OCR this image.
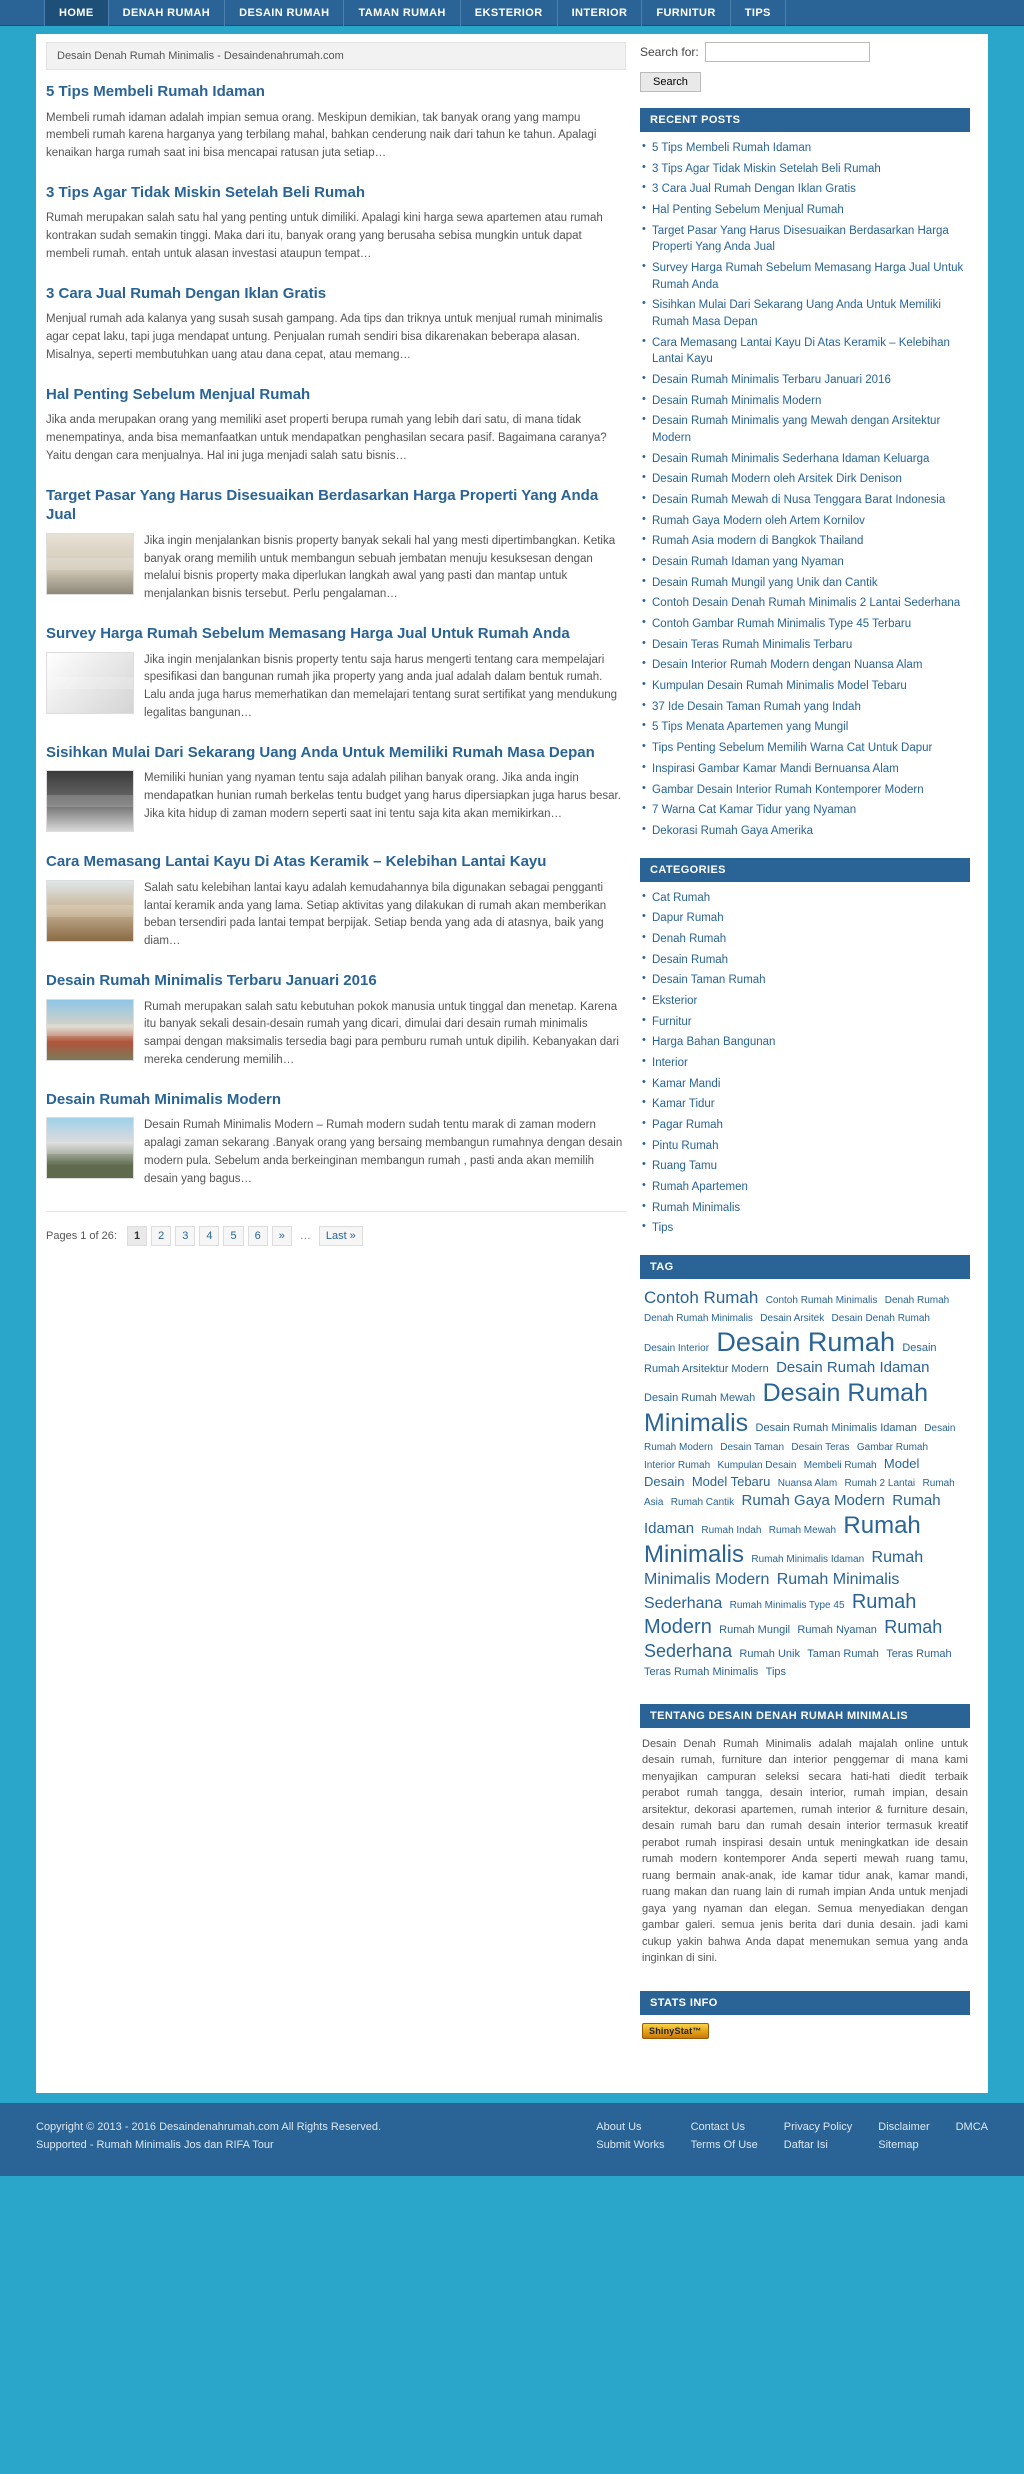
HOME	DENAH RUMAH	DESAIN RUMAH	TAMAN RUMAH	EKSTERIOR	INTERIOR	FURNITUR	TIPS
Desain Denah Rumah Minimalis - Desaindenahrumah.com
5 Tips Membeli Rumah Idaman
Membeli rumah idaman adalah impian semua orang. Meskipun demikian, tak banyak orang yang mampu membeli rumah karena harganya yang terbilang mahal, bahkan cenderung naik dari tahun ke tahun. Apalagi kenaikan harga rumah saat ini bisa mencapai ratusan juta setiap…
3 Tips Agar Tidak Miskin Setelah Beli Rumah
Rumah merupakan salah satu hal yang penting untuk dimiliki. Apalagi kini harga sewa apartemen atau rumah kontrakan sudah semakin tinggi. Maka dari itu, banyak orang yang berusaha sebisa mungkin untuk dapat membeli rumah. entah untuk alasan investasi ataupun tempat…
3 Cara Jual Rumah Dengan Iklan Gratis
Menjual rumah ada kalanya yang susah susah gampang. Ada tips dan triknya untuk menjual rumah minimalis agar cepat laku, tapi juga mendapat untung. Penjualan rumah sendiri bisa dikarenakan beberapa alasan. Misalnya, seperti membutuhkan uang atau dana cepat, atau memang…
Hal Penting Sebelum Menjual Rumah
Jika anda merupakan orang yang memiliki aset properti berupa rumah yang lebih dari satu, di mana tidak menempatinya, anda bisa memanfaatkan untuk mendapatkan penghasilan secara pasif. Bagaimana caranya? Yaitu dengan cara menjualnya. Hal ini juga menjadi salah satu bisnis…
Target Pasar Yang Harus Disesuaikan Berdasarkan Harga Properti Yang Anda Jual
Jika ingin menjalankan bisnis property banyak sekali hal yang mesti dipertimbangkan. Ketika banyak orang memilih untuk membangun sebuah jembatan menuju kesuksesan dengan melalui bisnis property maka diperlukan langkah awal yang pasti dan mantap untuk menjalankan bisnis tersebut. Perlu pengalaman…
Survey Harga Rumah Sebelum Memasang Harga Jual Untuk Rumah Anda
Jika ingin menjalankan bisnis property tentu saja harus mengerti tentang cara mempelajari spesifikasi dan bangunan rumah jika property yang anda jual adalah dalam bentuk rumah. Lalu anda juga harus memerhatikan dan memelajari tentang surat sertifikat yang mendukung legalitas bangunan…
Sisihkan Mulai Dari Sekarang Uang Anda Untuk Memiliki Rumah Masa Depan
Memiliki hunian yang nyaman tentu saja adalah pilihan banyak orang. Jika anda ingin mendapatkan hunian rumah berkelas tentu budget yang harus dipersiapkan juga harus besar. Jika kita hidup di zaman modern seperti saat ini tentu saja kita akan memikirkan…
Cara Memasang Lantai Kayu Di Atas Keramik – Kelebihan Lantai Kayu
Salah satu kelebihan lantai kayu adalah kemudahannya bila digunakan sebagai pengganti lantai keramik anda yang lama. Setiap aktivitas yang dilakukan di rumah akan memberikan beban tersendiri pada lantai tempat berpijak. Setiap benda yang ada di atasnya, baik yang diam…
Desain Rumah Minimalis Terbaru Januari 2016
Rumah merupakan salah satu kebutuhan pokok manusia untuk tinggal dan menetap. Karena itu banyak sekali desain-desain rumah yang dicari, dimulai dari desain rumah minimalis sampai dengan maksimalis tersedia bagi para pemburu rumah untuk dipilih. Kebanyakan dari mereka cenderung memilih…
Desain Rumah Minimalis Modern
Desain Rumah Minimalis Modern – Rumah modern sudah tentu marak di zaman modern apalagi zaman sekarang .Banyak orang yang bersaing membangun rumahnya dengan desain modern pula. Sebelum anda berkeinginan membangun rumah , pasti anda akan memilih desain yang bagus…
Pages 1 of 26:	1	2	3	4	5	6	»	…	Last »
Search for:
Search
RECENT POSTS
• 5 Tips Membeli Rumah Idaman
• 3 Tips Agar Tidak Miskin Setelah Beli Rumah
• 3 Cara Jual Rumah Dengan Iklan Gratis
• Hal Penting Sebelum Menjual Rumah
• Target Pasar Yang Harus Disesuaikan Berdasarkan Harga Properti Yang Anda Jual
• Survey Harga Rumah Sebelum Memasang Harga Jual Untuk Rumah Anda
• Sisihkan Mulai Dari Sekarang Uang Anda Untuk Memiliki Rumah Masa Depan
• Cara Memasang Lantai Kayu Di Atas Keramik – Kelebihan Lantai Kayu
• Desain Rumah Minimalis Terbaru Januari 2016
• Desain Rumah Minimalis Modern
• Desain Rumah Minimalis yang Mewah dengan Arsitektur Modern
• Desain Rumah Minimalis Sederhana Idaman Keluarga
• Desain Rumah Modern oleh Arsitek Dirk Denison
• Desain Rumah Mewah di Nusa Tenggara Barat Indonesia
• Rumah Gaya Modern oleh Artem Kornilov
• Rumah Asia modern di Bangkok Thailand
• Desain Rumah Idaman yang Nyaman
• Desain Rumah Mungil yang Unik dan Cantik
• Contoh Desain Denah Rumah Minimalis 2 Lantai Sederhana
• Contoh Gambar Rumah Minimalis Type 45 Terbaru
• Desain Teras Rumah Minimalis Terbaru
• Desain Interior Rumah Modern dengan Nuansa Alam
• Kumpulan Desain Rumah Minimalis Model Tebaru
• 37 Ide Desain Taman Rumah yang Indah
• 5 Tips Menata Apartemen yang Mungil
• Tips Penting Sebelum Memilih Warna Cat Untuk Dapur
• Inspirasi Gambar Kamar Mandi Bernuansa Alam
• Gambar Desain Interior Rumah Kontemporer Modern
• 7 Warna Cat Kamar Tidur yang Nyaman
• Dekorasi Rumah Gaya Amerika
CATEGORIES
• Cat Rumah
• Dapur Rumah
• Denah Rumah
• Desain Rumah
• Desain Taman Rumah
• Eksterior
• Furnitur
• Harga Bahan Bangunan
• Interior
• Kamar Mandi
• Kamar Tidur
• Pagar Rumah
• Pintu Rumah
• Ruang Tamu
• Rumah Apartemen
• Rumah Minimalis
• Tips
TAG
Contoh Rumah Contoh Rumah Minimalis Denah Rumah Denah Rumah Minimalis Desain Arsitek Desain Denah Rumah Desain Interior Desain Rumah Desain Rumah Arsitektur Modern Desain Rumah Idaman Desain Rumah Mewah Desain Rumah Minimalis Desain Rumah Minimalis Idaman Desain Rumah Modern Desain Taman Desain Teras Gambar Rumah Interior Rumah Kumpulan Desain Membeli Rumah Model Desain Model Tebaru Nuansa Alam Rumah 2 Lantai Rumah Asia Rumah Cantik Rumah Gaya Modern Rumah Idaman Rumah Indah Rumah Mewah Rumah Minimalis Rumah Minimalis Idaman Rumah Minimalis Modern Rumah Minimalis Sederhana Rumah Minimalis Type 45 Rumah Modern Rumah Mungil Rumah Nyaman Rumah Sederhana Rumah Unik Taman Rumah Teras Rumah Teras Rumah Minimalis Tips
TENTANG DESAIN DENAH RUMAH MINIMALIS
Desain Denah Rumah Minimalis adalah majalah online untuk desain rumah, furniture dan interior penggemar di mana kami menyajikan campuran seleksi secara hati-hati diedit terbaik perabot rumah tangga, desain interior, rumah impian, desain arsitektur, dekorasi apartemen, rumah interior & furniture desain, desain rumah baru dan rumah desain interior termasuk kreatif perabot rumah inspirasi desain untuk meningkatkan ide desain rumah modern kontemporer Anda seperti mewah ruang tamu, ruang bermain anak-anak, ide kamar tidur anak, kamar mandi, ruang makan dan ruang lain di rumah impian Anda untuk menjadi gaya yang nyaman dan elegan. Semua menyediakan dengan gambar galeri. semua jenis berita dari dunia desain. jadi kami cukup yakin bahwa Anda dapat menemukan semua yang anda inginkan di sini.
STATS INFO
ShinyStat™
Copyright © 2013 - 2016 Desaindenahrumah.com All Rights Reserved.
Supported - Rumah Minimalis Jos dan RIFA Tour
About Us
Submit Works
Contact Us
Terms Of Use
Privacy Policy
Daftar Isi
Disclaimer
Sitemap
DMCA
